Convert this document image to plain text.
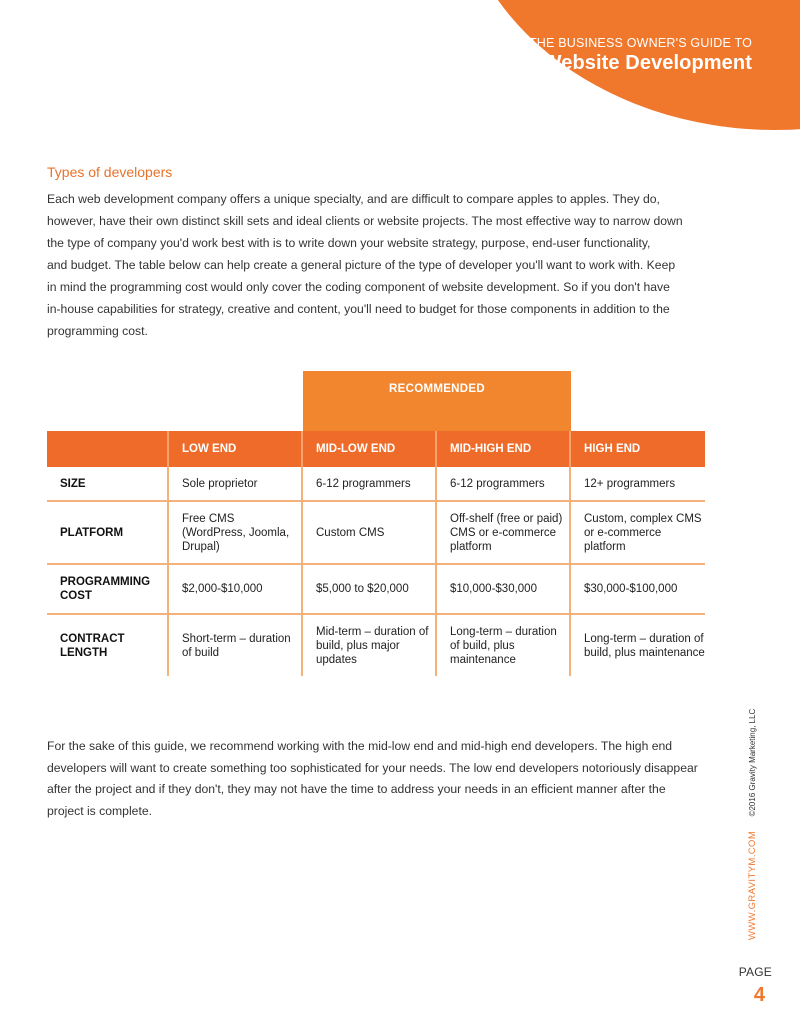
THE BUSINESS OWNER'S GUIDE TO
Website Development
Types of developers

Each web development company offers a unique specialty, and are difficult to compare apples to apples. They do,
however, have their own distinct skill sets and ideal clients or website projects. The most effective way to narrow down
the type of company you'd work best with is to write down your website strategy, purpose, end-user functionality,
and budget. The table below can help create a general picture of the type of developer you'll want to work with. Keep
in mind the programming cost would only cover the coding component of website development. So if you don't have
in-house capabilities for strategy, creative and content, you'll need to budget for those components in addition to the
programming cost.

RECOMMENDED
	LOW END	MID-LOW END	MID-HIGH END	HIGH END
SIZE	Sole proprietor	6-12 programmers	6-12 programmers	12+ programmers
PLATFORM	Free CMS (WordPress, Joomla, Drupal)	Custom CMS	Off-shelf (free or paid) CMS or e-commerce platform	Custom, complex CMS or e-commerce platform
PROGRAMMING COST	$2,000-$10,000	$5,000 to $20,000	$10,000-$30,000	$30,000-$100,000
CONTRACT LENGTH	Short-term – duration of build	Mid-term – duration of build, plus major updates	Long-term – duration of build, plus maintenance	Long-term – duration of build, plus maintenance

For the sake of this guide, we recommend working with the mid-low end and mid-high end developers. The high end
developers will want to create something too sophisticated for your needs. The low end developers notoriously disappear
after the project and if they don't, they may not have the time to address your needs in an efficient manner after the
project is complete.

WWW.GRAVITYM.COM ©2016 Gravity Marketing, LLC
PAGE
4
